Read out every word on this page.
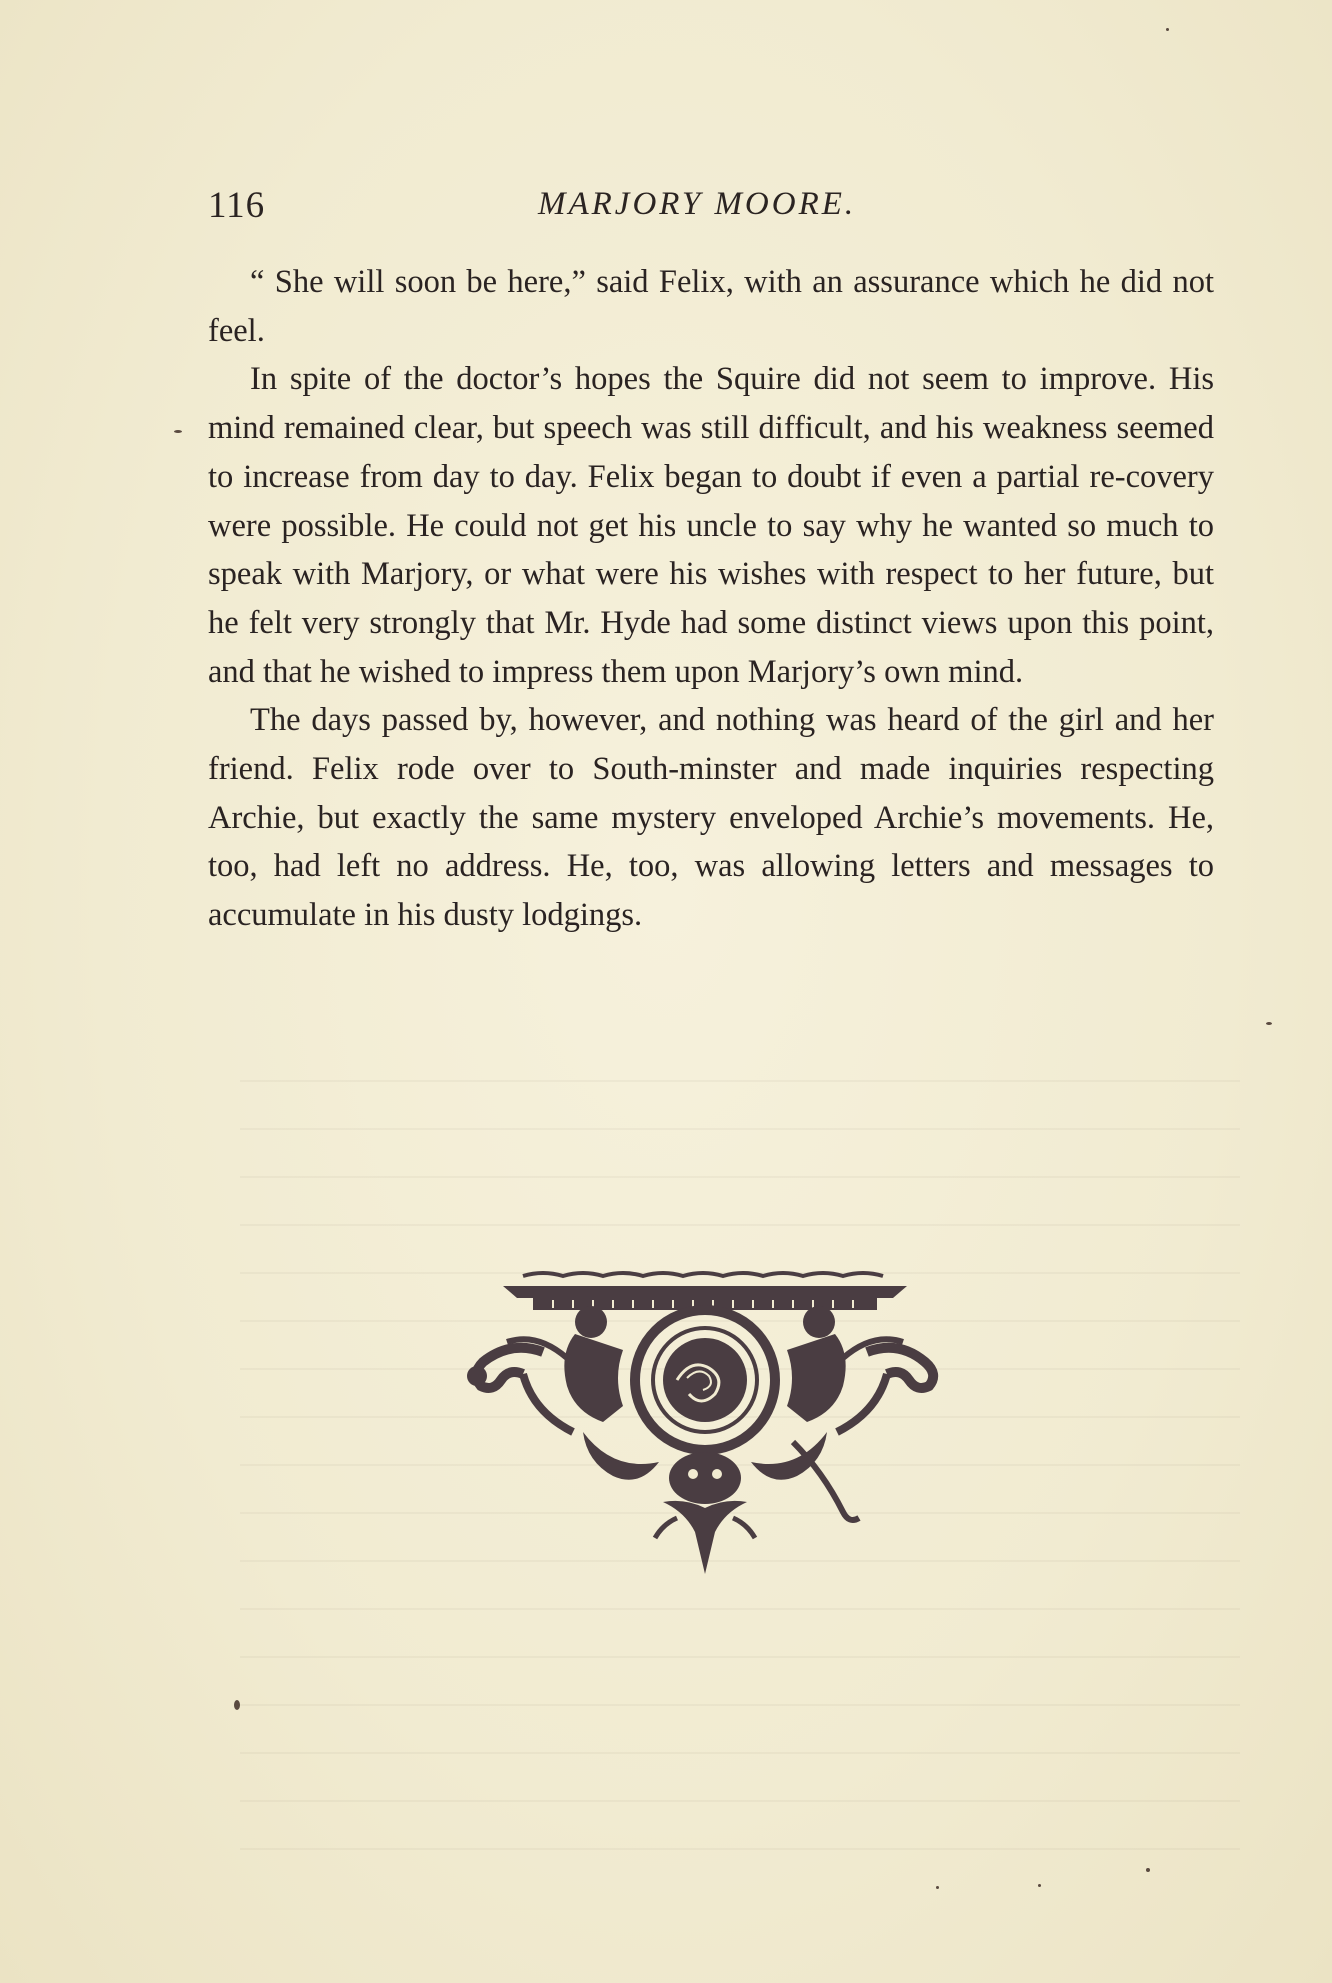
116	MARJORY MOORE.

“ She will soon be here,” said Felix, with an assurance which he did not feel.

In spite of the doctor’s hopes the Squire did not seem to improve. His mind remained clear, but speech was still difficult, and his weakness seemed to increase from day to day. Felix began to doubt if even a partial re-covery were possible. He could not get his uncle to say why he wanted so much to speak with Marjory, or what were his wishes with respect to her future, but he felt very strongly that Mr. Hyde had some distinct views upon this point, and that he wished to impress them upon Marjory’s own mind.

The days passed by, however, and nothing was heard of the girl and her friend. Felix rode over to South-minster and made inquiries respecting Archie, but exactly the same mystery enveloped Archie’s movements. He, too, had left no address. He, too, was allowing letters and messages to accumulate in his dusty lodgings.
